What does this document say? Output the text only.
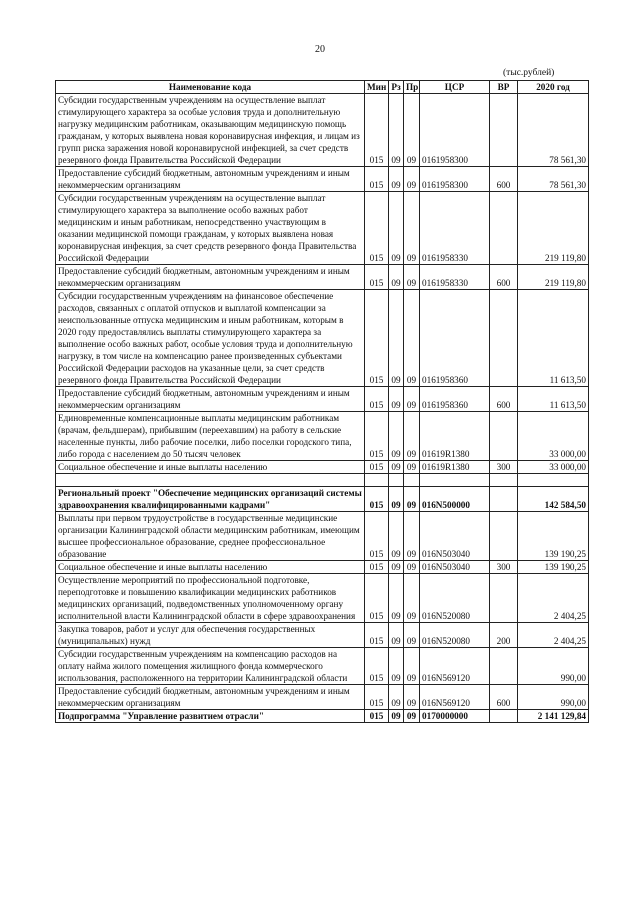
20
(тыс.рублей)
Наименование кода	Мин	Рз	Пр	ЦСР	ВР	2020 год
Субсидии государственным учреждениям на осуществление выплат стимулирующего характера за особые условия труда и дополнительную нагрузку медицинским работникам, оказывающим медицинскую помощь гражданам, у которых выявлена новая коронавирусная инфекция, и лицам из групп риска заражения новой коронавирусной инфекцией, за счет средств резервного фонда Правительства Российской Федерации	015	09	09	0161958300		78 561,30
Предоставление субсидий бюджетным, автономным учреждениям и иным некоммерческим организациям	015	09	09	0161958300	600	78 561,30
Субсидии государственным учреждениям на осуществление выплат стимулирующего характера за выполнение особо важных работ медицинским и иным работникам, непосредственно участвующим в оказании медицинской помощи гражданам, у которых выявлена новая коронавирусная инфекция, за счет средств резервного фонда Правительства Российской Федерации	015	09	09	0161958330		219 119,80
Предоставление субсидий бюджетным, автономным учреждениям и иным некоммерческим организациям	015	09	09	0161958330	600	219 119,80
Субсидии государственным учреждениям на финансовое обеспечение расходов, связанных с оплатой отпусков и выплатой компенсации за неиспользованные отпуска медицинским и иным работникам, которым в 2020 году предоставлялись выплаты стимулирующего характера за выполнение особо важных работ, особые условия труда и дополнительную нагрузку, в том числе на компенсацию ранее произведенных субъектами Российской Федерации расходов на указанные цели, за счет средств резервного фонда Правительства Российской Федерации	015	09	09	0161958360		11 613,50
Предоставление субсидий бюджетным, автономным учреждениям и иным некоммерческим организациям	015	09	09	0161958360	600	11 613,50
Единовременные компенсационные выплаты медицинским работникам (врачам, фельдшерам), прибывшим (переехавшим) на работу в сельские населенные пункты, либо рабочие поселки, либо поселки городского типа, либо города с населением до 50 тысяч человек	015	09	09	01619R1380		33 000,00
Социальное обеспечение и иные выплаты населению	015	09	09	01619R1380	300	33 000,00

Региональный проект "Обеспечение медицинских организаций системы здравоохранения квалифицированными кадрами"	015	09	09	016N500000		142 584,50
Выплаты при первом трудоустройстве в государственные медицинские организации Калининградской области медицинским работникам, имеющим высшее профессиональное образование, среднее профессиональное образование	015	09	09	016N503040		139 190,25
Социальное обеспечение и иные выплаты населению	015	09	09	016N503040	300	139 190,25
Осуществление мероприятий по профессиональной подготовке, переподготовке и повышению квалификации медицинских работников медицинских организаций, подведомственных уполномоченному органу исполнительной власти Калининградской области в сфере здравоохранения	015	09	09	016N520080		2 404,25
Закупка товаров, работ и услуг для обеспечения государственных (муниципальных) нужд	015	09	09	016N520080	200	2 404,25
Субсидии государственным учреждениям на компенсацию расходов на оплату найма жилого помещения жилищного фонда коммерческого использования, расположенного на территории Калининградской области	015	09	09	016N569120		990,00
Предоставление субсидий бюджетным, автономным учреждениям и иным некоммерческим организациям	015	09	09	016N569120	600	990,00
Подпрограмма "Управление развитием отрасли"	015	09	09	0170000000		2 141 129,84
